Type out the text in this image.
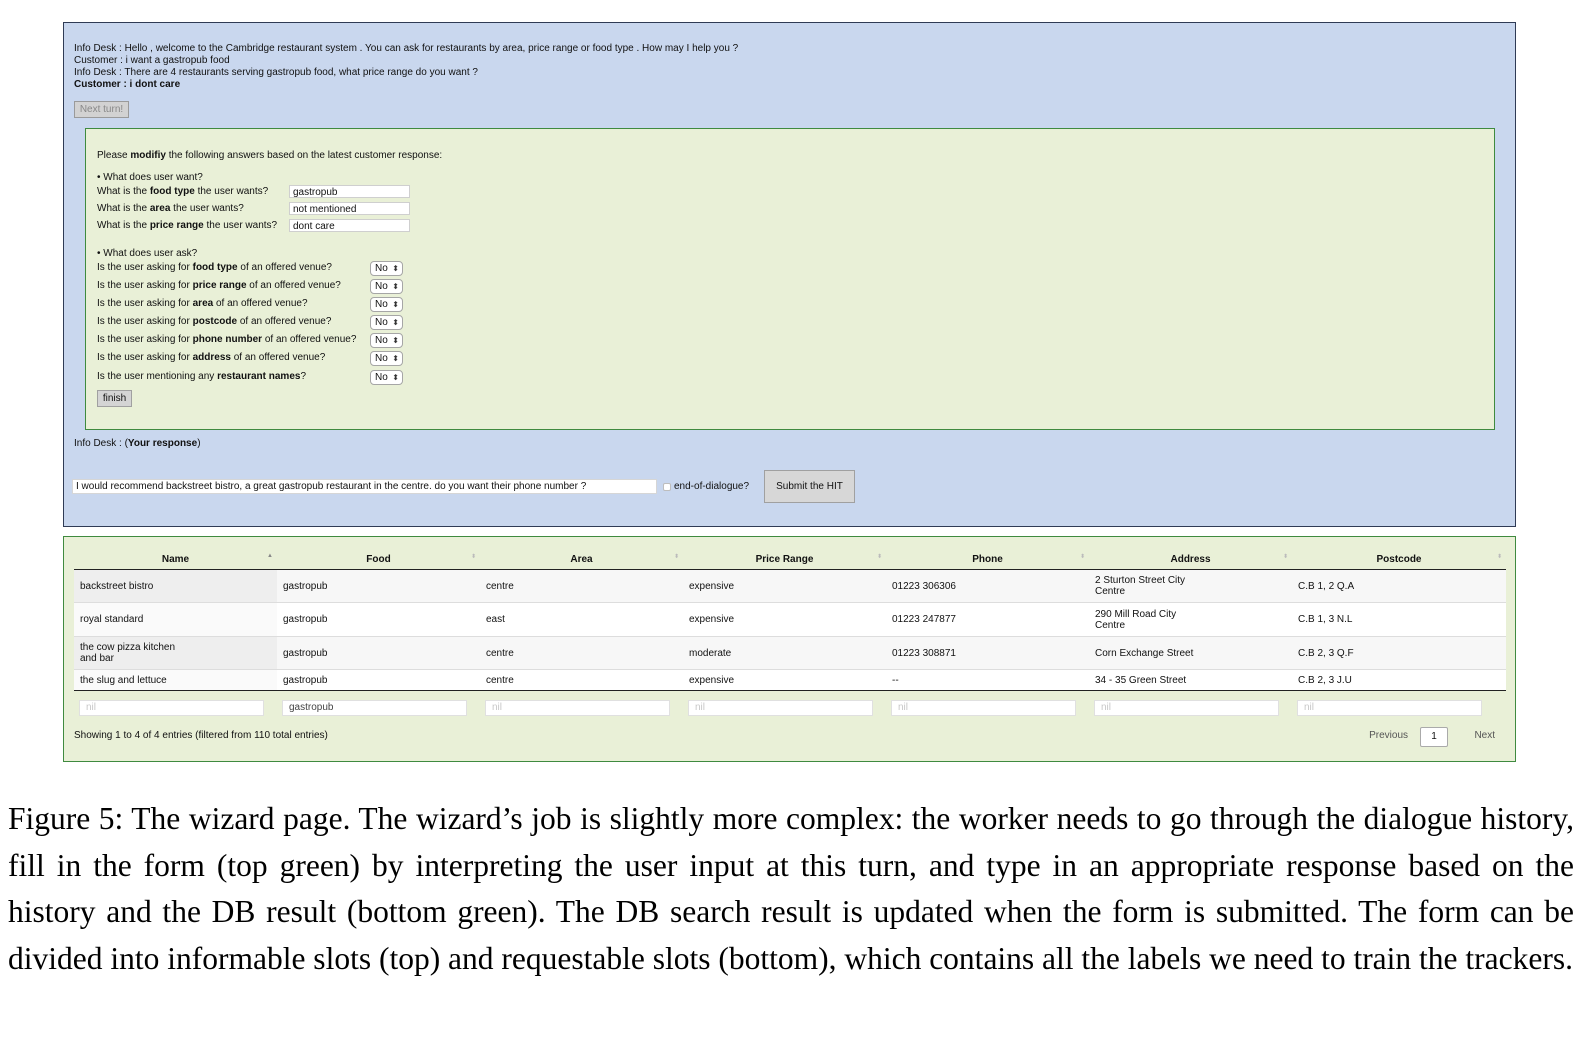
Info Desk : Hello , welcome to the Cambridge restaurant system . You can ask for restaurants by area, price range or food type . How may I help you ?
Customer : i want a gastropub food
Info Desk : There are 4 restaurants serving gastropub food, what price range do you want ?
Customer : i dont care
Next turn!
Please modifiy the following answers based on the latest customer response:
• What does user want?
What is the food type the user wants?	gastropub
What is the area the user wants?	not mentioned
What is the price range the user wants?	dont care
• What does user ask?
Is the user asking for food type of an offered venue?	No ⬍
Is the user asking for price range of an offered venue?	No ⬍
Is the user asking for area of an offered venue?	No ⬍
Is the user asking for postcode of an offered venue?	No ⬍
Is the user asking for phone number of an offered venue?	No ⬍
Is the user asking for address of an offered venue?	No ⬍
Is the user mentioning any restaurant names?	No ⬍
finish
Info Desk : (Your response)
I would recommend backstreet bistro, a great gastropub restaurant in the centre. do you want their phone number ?	end-of-dialogue?	Submit the HIT
Name ▲	Food ⬍	Area ⬍	Price Range ⬍	Phone ⬍	Address ⬍	Postcode ⬍

backstreet bistro	gastropub	centre	expensive	01223 306306	2 Sturton Street City Centre	C.B 1, 2 Q.A
royal standard	gastropub	east	expensive	01223 247877	290 Mill Road City Centre	C.B 1, 3 N.L
the cow pizza kitchen and bar	gastropub	centre	moderate	01223 308871	Corn Exchange Street	C.B 2, 3 Q.F
the slug and lettuce	gastropub	centre	expensive	--	34 - 35 Green Street	C.B 2, 3 J.U
nil	gastropub	nil	nil	nil	nil	nil
Showing 1 to 4 of 4 entries (filtered from 110 total entries)	Previous	1	Next
Figure 5: The wizard page. The wizard’s job is slightly more complex: the worker needs to go through the dialogue history, fill in the form (top green) by interpreting the user input at this turn, and type in an appropriate response based on the history and the DB result (bottom green). The DB search result is updated when the form is submitted. The form can be divided into informable slots (top) and requestable slots (bottom), which contains all the labels we need to train the trackers.
